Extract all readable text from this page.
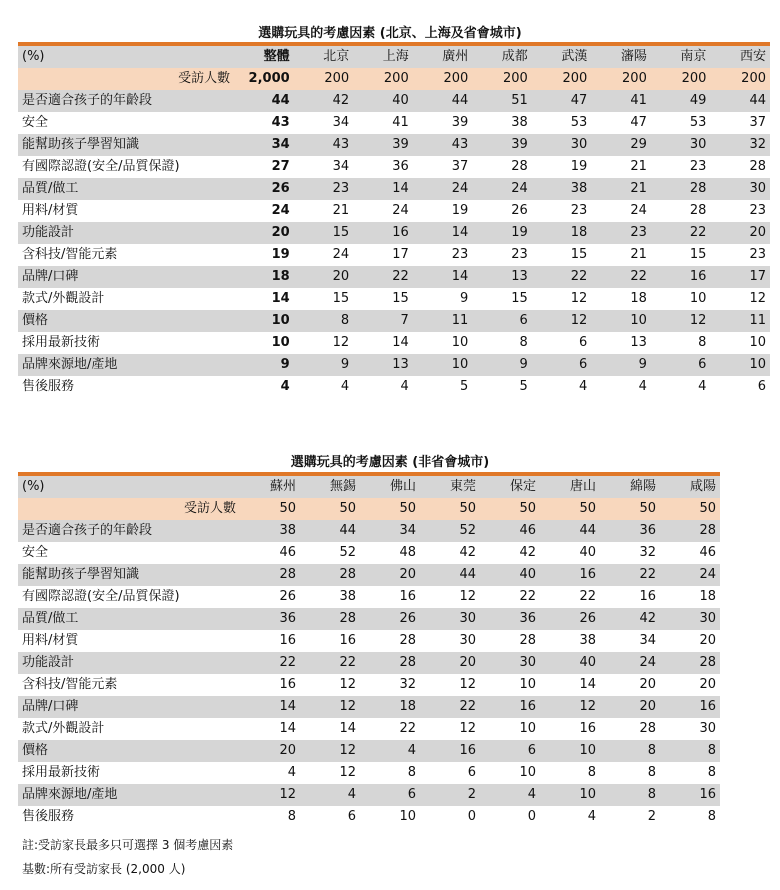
選購玩具的考慮因素 (北京、上海及省會城市)
(%)	整體	北京	上海	廣州	成都	武漢	瀋陽	南京	西安
受訪人數	2,000	200	200	200	200	200	200	200	200
是否適合孩子的年齡段	44	42	40	44	51	47	41	49	44
安全	43	34	41	39	38	53	47	53	37
能幫助孩子學習知識	34	43	39	43	39	30	29	30	32
有國際認證(安全/品質保證)	27	34	36	37	28	19	21	23	28
品質/做工	26	23	14	24	24	38	21	28	30
用料/材質	24	21	24	19	26	23	24	28	23
功能設計	20	15	16	14	19	18	23	22	20
含科技/智能元素	19	24	17	23	23	15	21	15	23
品牌/口碑	18	20	22	14	13	22	22	16	17
款式/外觀設計	14	15	15	9	15	12	18	10	12
價格	10	8	7	11	6	12	10	12	11
採用最新技術	10	12	14	10	8	6	13	8	10
品牌來源地/產地	9	9	13	10	9	6	9	6	10
售後服務	4	4	4	5	5	4	4	4	6
選購玩具的考慮因素 (非省會城市)
(%)	蘇州	無錫	佛山	東莞	保定	唐山	綿陽	咸陽
受訪人數	50	50	50	50	50	50	50	50
是否適合孩子的年齡段	38	44	34	52	46	44	36	28
安全	46	52	48	42	42	40	32	46
能幫助孩子學習知識	28	28	20	44	40	16	22	24
有國際認證(安全/品質保證)	26	38	16	12	22	22	16	18
品質/做工	36	28	26	30	36	26	42	30
用料/材質	16	16	28	30	28	38	34	20
功能設計	22	22	28	20	30	40	24	28
含科技/智能元素	16	12	32	12	10	14	20	20
品牌/口碑	14	12	18	22	16	12	20	16
款式/外觀設計	14	14	22	12	10	16	28	30
價格	20	12	4	16	6	10	8	8
採用最新技術	4	12	8	6	10	8	8	8
品牌來源地/產地	12	4	6	2	4	10	8	16
售後服務	8	6	10	0	0	4	2	8
註:受訪家長最多只可選擇 3 個考慮因素
基數:所有受訪家長 (2,000 人)
